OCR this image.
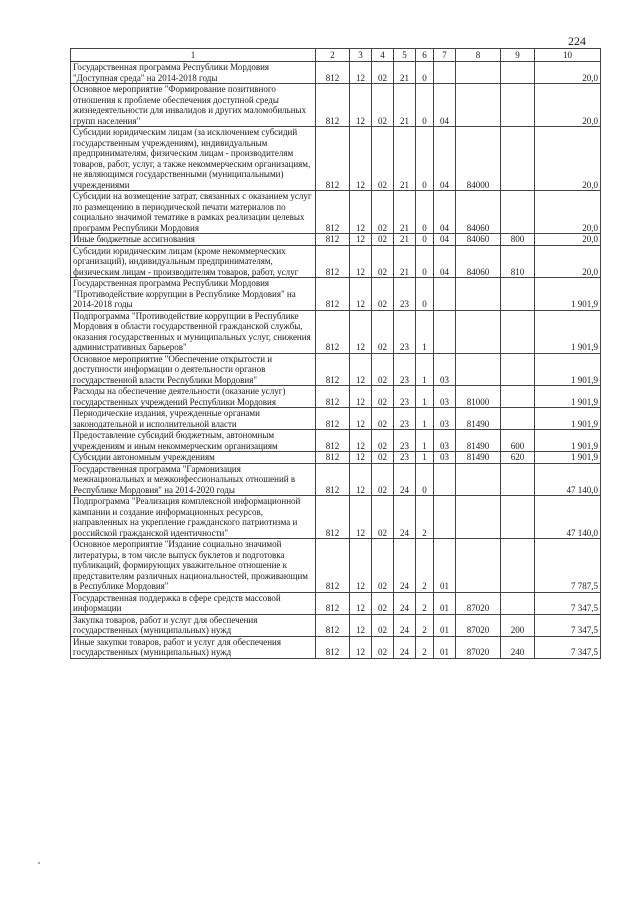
224
1	2	3	4	5	6	7	8	9	10
Государственная программа Республики Мордовия "Доступная среда" на 2014-2018 годы	812	12	02	21	0				20,0
Основное мероприятие "Формирование позитивного отношения к проблеме обеспечения доступной среды жизнедеятельности для инвалидов и других маломобильных групп населения"	812	12	02	21	0	04			20,0
Субсидии юридическим лицам (за исключением субсидий государственным учреждениям), индивидуальным предпринимателям, физическим лицам - производителям товаров, работ, услуг, а также некоммерческим организациям, не являющимся государственными (муниципальными) учреждениями	812	12	02	21	0	04	84000		20,0
Субсидии на возмещение затрат, связанных с оказанием услуг по размещению в периодической печати материалов по социально значимой тематике в рамках реализации целевых программ Республики Мордовия	812	12	02	21	0	04	84060		20,0
Иные бюджетные ассигнования	812	12	02	21	0	04	84060	800	20,0
Субсидии юридическим лицам (кроме некоммерческих организаций), индивидуальным предпринимателям, физическим лицам - производителям товаров, работ, услуг	812	12	02	21	0	04	84060	810	20,0
Государственная программа Республики Мордовия "Противодействие коррупции в Республике Мордовия" на 2014-2018 годы	812	12	02	23	0				1 901,9
Подпрограмма "Противодействие коррупции в Республике Мордовия в области государственной гражданской службы, оказания государственных и муниципальных услуг, снижения административных барьеров"	812	12	02	23	1				1 901,9
Основное мероприятие "Обеспечение открытости и доступности информации о деятельности органов государственной власти Республики Мордовия"	812	12	02	23	1	03			1 901,9
Расходы на обеспечение деятельности (оказание услуг) государственных учреждений Республики Мордовия	812	12	02	23	1	03	81000		1 901,9
Периодические издания, учрежденные органами законодательной и исполнительной власти	812	12	02	23	1	03	81490		1 901,9
Предоставление субсидий бюджетным, автономным учреждениям и иным некоммерческим организациям	812	12	02	23	1	03	81490	600	1 901,9
Субсидии автономным учреждениям	812	12	02	23	1	03	81490	620	1 901,9
Государственная программа "Гармонизация межнациональных и межконфессиональных отношений в Республике Мордовия" на 2014-2020 годы	812	12	02	24	0				47 140,0
Подпрограмма "Реализация комплексной информационной кампании и создание информационных ресурсов, направленных на укрепление гражданского патриотизма и российской гражданской идентичности"	812	12	02	24	2				47 140,0
Основное мероприятие "Издание социально значимой литературы, в том числе выпуск буклетов и подготовка публикаций, формирующих уважительное отношение к представителям различных национальностей, проживающим в Республике Мордовия"	812	12	02	24	2	01			7 787,5
Государственная поддержка в сфере средств массовой информации	812	12	02	24	2	01	87020		7 347,5
Закупка товаров, работ и услуг для обеспечения государственных (муниципальных) нужд	812	12	02	24	2	01	87020	200	7 347,5
Иные закупки товаров, работ и услуг для обеспечения государственных (муниципальных) нужд	812	12	02	24	2	01	87020	240	7 347,5
